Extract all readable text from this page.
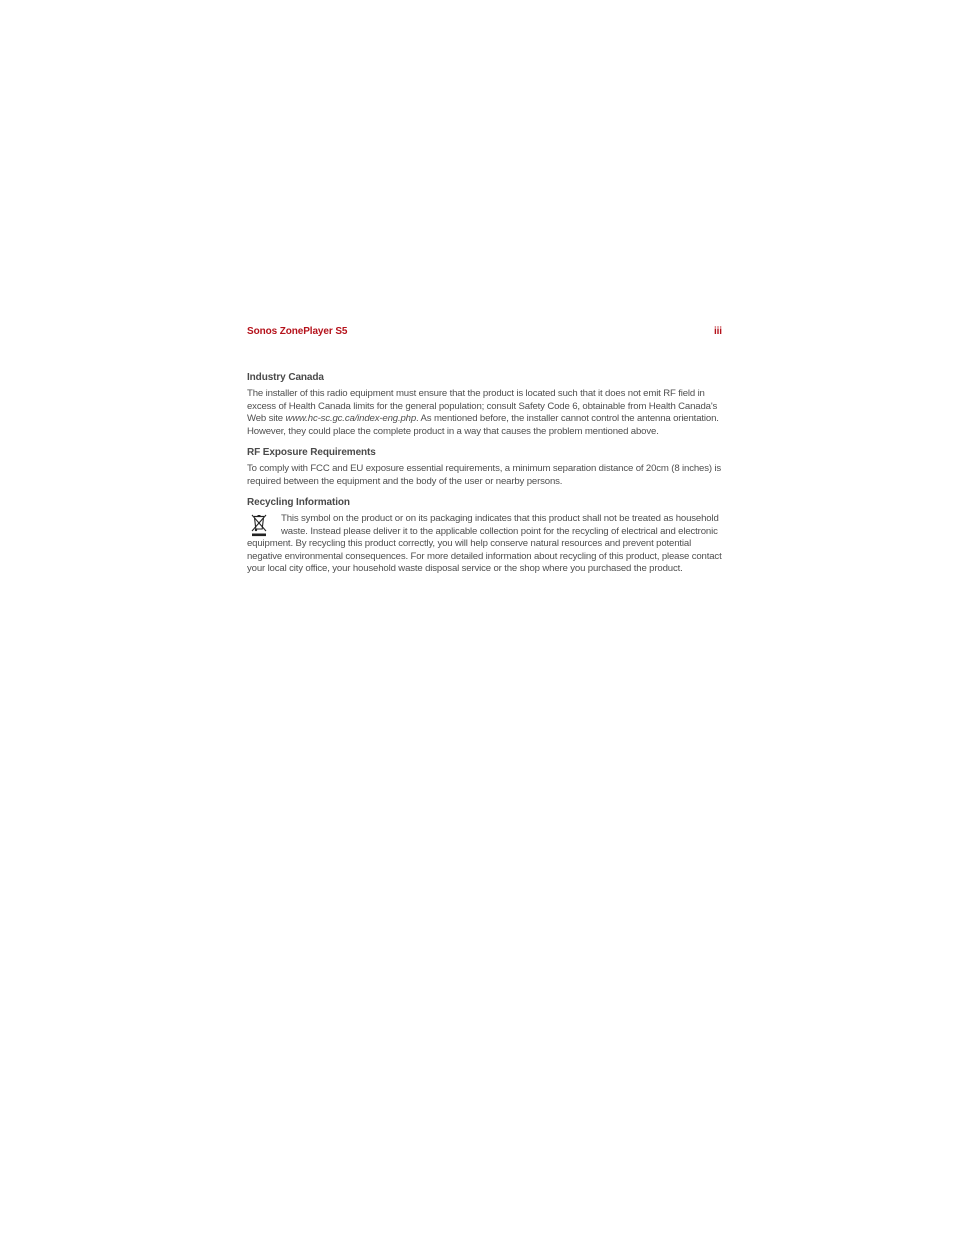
Sonos ZonePlayer S5	iii

Industry Canada

The installer of this radio equipment must ensure that the product is located such that it does not emit RF field in excess of Health Canada limits for the general population; consult Safety Code 6, obtainable from Health Canada's Web site www.hc-sc.gc.ca/index-eng.php. As mentioned before, the installer cannot control the antenna orientation. However, they could place the complete product in a way that causes the problem mentioned above.

RF Exposure Requirements

To comply with FCC and EU exposure essential requirements, a minimum separation distance of 20cm (8 inches) is required between the equipment and the body of the user or nearby persons.

Recycling Information

This symbol on the product or on its packaging indicates that this product shall not be treated as household waste. Instead please deliver it to the applicable collection point for the recycling of electrical and electronic equipment. By recycling this product correctly, you will help conserve natural resources and prevent potential negative environmental consequences. For more detailed information about recycling of this product, please contact your local city office, your household waste disposal service or the shop where you purchased the product.
